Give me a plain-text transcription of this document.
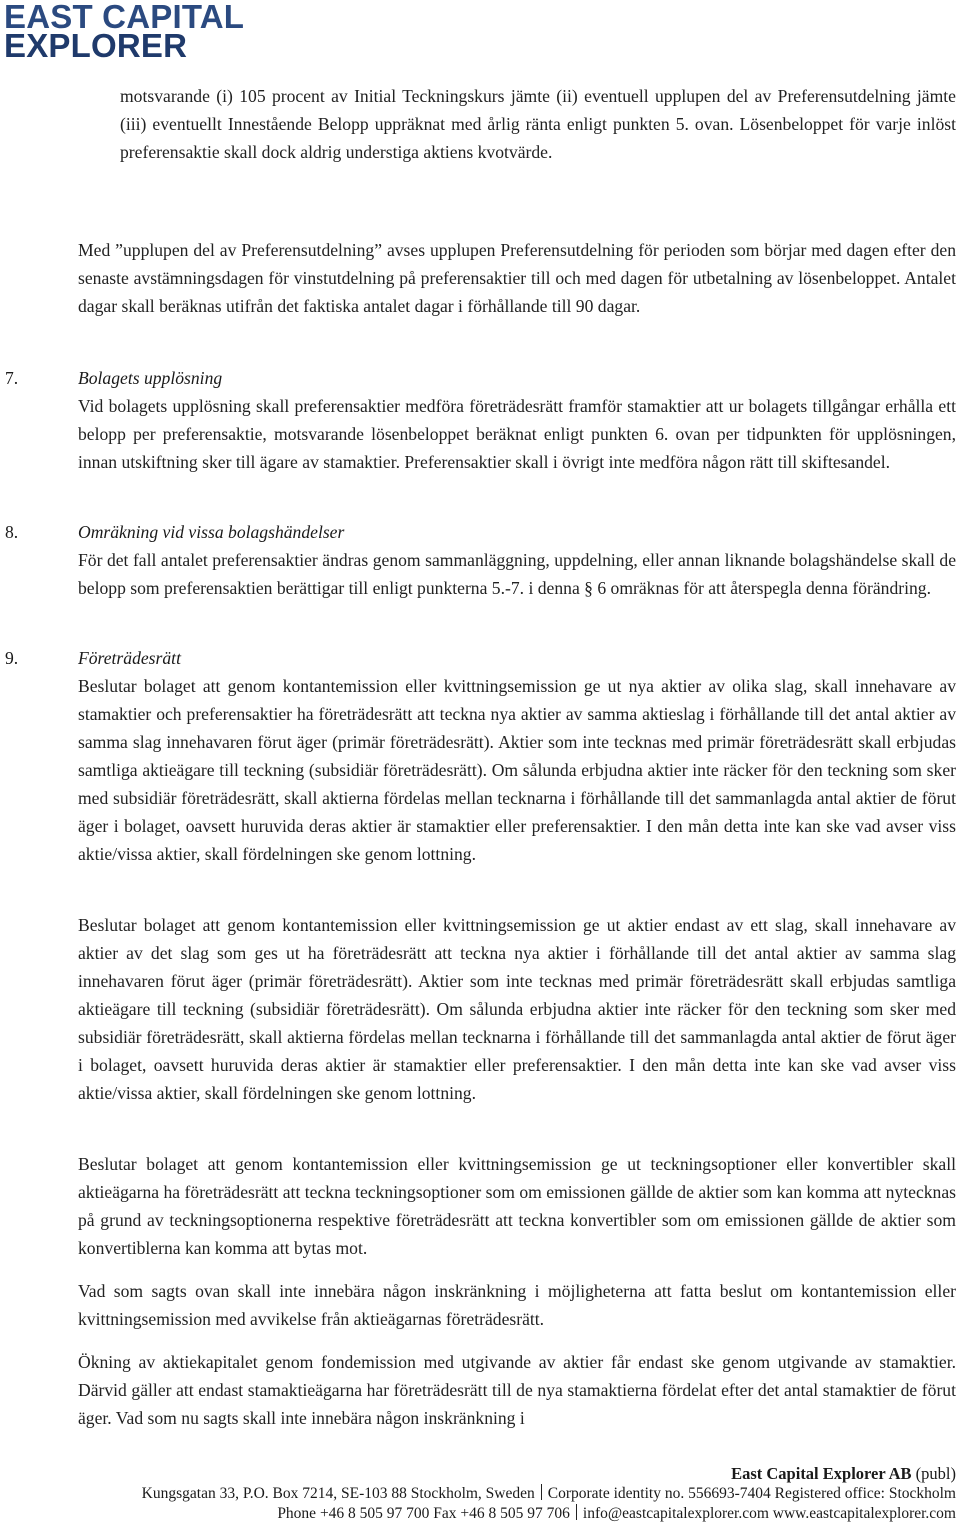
EAST CAPITAL
EXPLORER
motsvarande (i) 105 procent av Initial Teckningskurs jämte (ii) eventuell upplupen del av Preferensutdelning jämte (iii) eventuellt Innestående Belopp uppräknat med årlig ränta enligt punkten 5. ovan. Lösenbeloppet för varje inlöst preferensaktie skall dock aldrig understiga aktiens kvotvärde.
Med ”upplupen del av Preferensutdelning” avses upplupen Preferensutdelning för perioden som börjar med dagen efter den senaste avstämningsdagen för vinstutdelning på preferensaktier till och med dagen för utbetalning av lösenbeloppet. Antalet dagar skall beräknas utifrån det faktiska antalet dagar i förhållande till 90 dagar.
7.	Bolagets upplösning
Vid bolagets upplösning skall preferensaktier medföra företrädesrätt framför stamaktier att ur bolagets tillgångar erhålla ett belopp per preferensaktie, motsvarande lösenbeloppet beräknat enligt punkten 6. ovan per tidpunkten för upplösningen, innan utskiftning sker till ägare av stamaktier. Preferensaktier skall i övrigt inte medföra någon rätt till skiftesandel.
8.	Omräkning vid vissa bolagshändelser
För det fall antalet preferensaktier ändras genom sammanläggning, uppdelning, eller annan liknande bolagshändelse skall de belopp som preferensaktien berättigar till enligt punkterna 5.-7. i denna § 6 omräknas för att återspegla denna förändring.
9.	Företrädesrätt
Beslutar bolaget att genom kontantemission eller kvittningsemission ge ut nya aktier av olika slag, skall innehavare av stamaktier och preferensaktier ha företrädesrätt att teckna nya aktier av samma aktieslag i förhållande till det antal aktier av samma slag innehavaren förut äger (primär företrädesrätt). Aktier som inte tecknas med primär företrädesrätt skall erbjudas samtliga aktieägare till teckning (subsidiär företrädesrätt). Om sålunda erbjudna aktier inte räcker för den teckning som sker med subsidiär företrädesrätt, skall aktierna fördelas mellan tecknarna i förhållande till det sammanlagda antal aktier de förut äger i bolaget, oavsett huruvida deras aktier är stamaktier eller preferensaktier. I den mån detta inte kan ske vad avser viss aktie/vissa aktier, skall fördelningen ske genom lottning.
Beslutar bolaget att genom kontantemission eller kvittningsemission ge ut aktier endast av ett slag, skall innehavare av aktier av det slag som ges ut ha företrädesrätt att teckna nya aktier i förhållande till det antal aktier av samma slag innehavaren förut äger (primär företrädesrätt). Aktier som inte tecknas med primär företrädesrätt skall erbjudas samtliga aktieägare till teckning (subsidiär företrädesrätt). Om sålunda erbjudna aktier inte räcker för den teckning som sker med subsidiär företrädesrätt, skall aktierna fördelas mellan tecknarna i förhållande till det sammanlagda antal aktier de förut äger i bolaget, oavsett huruvida deras aktier är stamaktier eller preferensaktier. I den mån detta inte kan ske vad avser viss aktie/vissa aktier, skall fördelningen ske genom lottning.
Beslutar bolaget att genom kontantemission eller kvittningsemission ge ut teckningsoptioner eller konvertibler skall aktieägarna ha företrädesrätt att teckna teckningsoptioner som om emissionen gällde de aktier som kan komma att nytecknas på grund av teckningsoptionerna respektive företrädesrätt att teckna konvertibler som om emissionen gällde de aktier som konvertiblerna kan komma att bytas mot.
Vad som sagts ovan skall inte innebära någon inskränkning i möjligheterna att fatta beslut om kontantemission eller kvittningsemission med avvikelse från aktieägarnas företrädesrätt.
Ökning av aktiekapitalet genom fondemission med utgivande av aktier får endast ske genom utgivande av stamaktier. Därvid gäller att endast stamaktieägarna har företrädesrätt till de nya stamaktierna fördelat efter det antal stamaktier de förut äger. Vad som nu sagts skall inte innebära någon inskränkning i
East Capital Explorer AB (publ)
Kungsgatan 33, P.O. Box 7214, SE-103 88 Stockholm, Sweden Corporate identity no. 556693-7404 Registered office: Stockholm
Phone +46 8 505 97 700 Fax +46 8 505 97 706 info@eastcapitalexplorer.com www.eastcapitalexplorer.com
